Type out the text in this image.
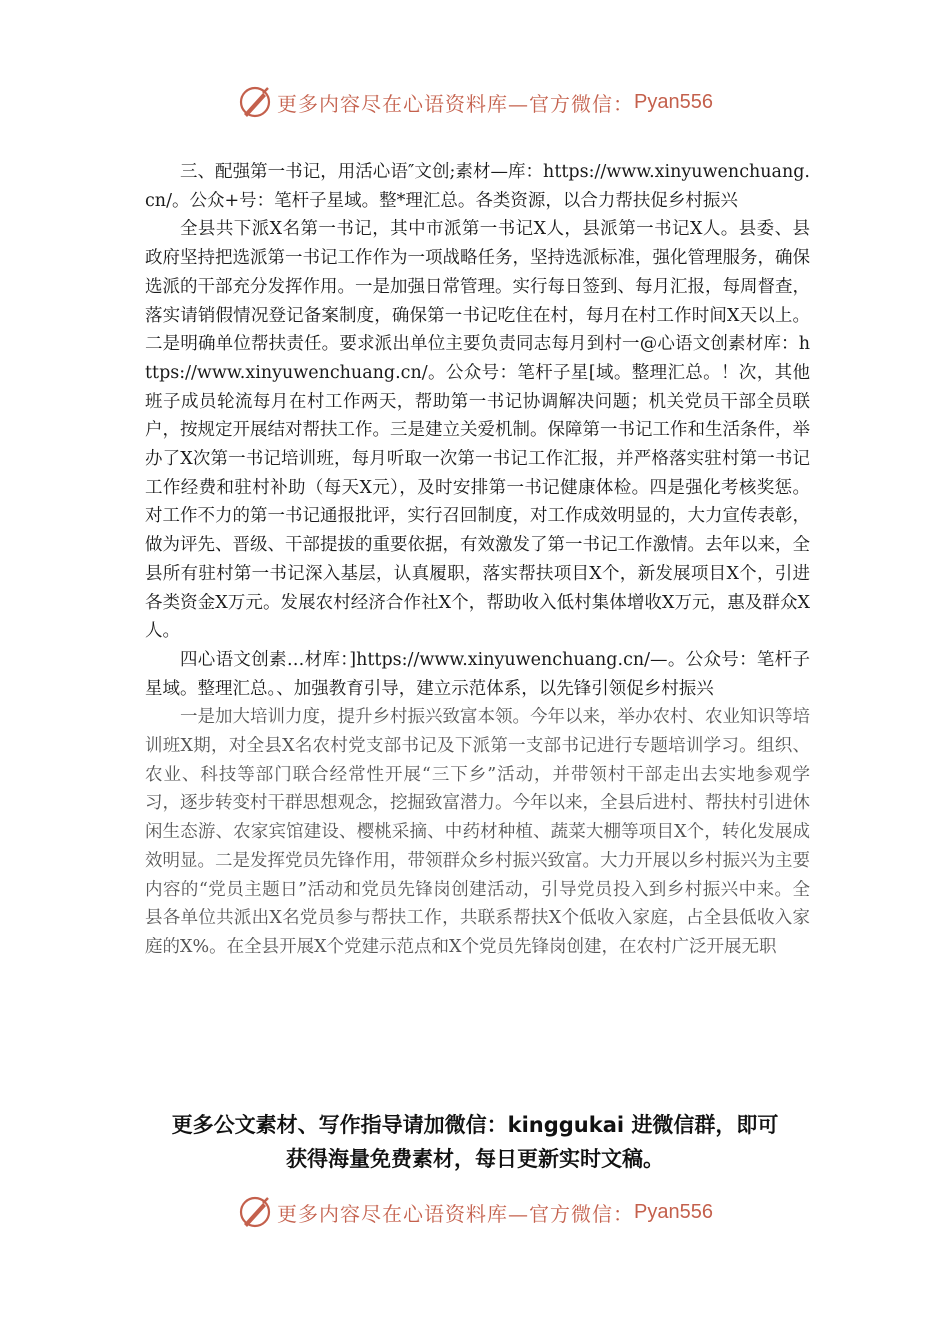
更多内容尽在心语资料库—官方微信： Pyan556

三、配强第一书记，用活心语″文创;素材—库：https://www.xinyuwenchuang.cn/。公众+号：笔杆子星域。整*理汇总。各类资源，以合力帮扶促乡村振兴

全县共下派X名第一书记，其中市派第一书记X人，县派第一书记X人。县委、县政府坚持把选派第一书记工作作为一项战略任务，坚持选派标准，强化管理服务，确保选派的干部充分发挥作用。一是加强日常管理。实行每日签到、每月汇报，每周督查，落实请销假情况登记备案制度，确保第一书记吃住在村，每月在村工作时间X天以上。二是明确单位帮扶责任。要求派出单位主要负责同志每月到村一@心语文创素材库：https://www.xinyuwenchuang.cn/。公众号：笔杆子星[域。整理汇总。！次，其他班子成员轮流每月在村工作两天，帮助第一书记协调解决问题；机关党员干部全员联户，按规定开展结对帮扶工作。三是建立关爱机制。保障第一书记工作和生活条件，举办了X次第一书记培训班，每月听取一次第一书记工作汇报，并严格落实驻村第一书记工作经费和驻村补助（每天X元），及时安排第一书记健康体检。四是强化考核奖惩。对工作不力的第一书记通报批评，实行召回制度，对工作成效明显的，大力宣传表彰，做为评先、晋级、干部提拔的重要依据，有效激发了第一书记工作激情。去年以来，全县所有驻村第一书记深入基层，认真履职，落实帮扶项目X个，新发展项目X个，引进各类资金X万元。发展农村经济合作社X个，帮助收入低村集体增收X万元，惠及群众X人。

四心语文创素…材库：]https://www.xinyuwenchuang.cn/—。公众号：笔杆子星域。整理汇总。、加强教育引导，建立示范体系，以先锋引领促乡村振兴

一是加大培训力度，提升乡村振兴致富本领。今年以来，举办农村、农业知识等培训班X期，对全县X名农村党支部书记及下派第一支部书记进行专题培训学习。组织、农业、科技等部门联合经常性开展“三下乡”活动，并带领村干部走出去实地参观学习，逐步转变村干群思想观念，挖掘致富潜力。今年以来，全县后进村、帮扶村引进休闲生态游、农家宾馆建设、樱桃采摘、中药材种植、蔬菜大棚等项目X个，转化发展成效明显。二是发挥党员先锋作用，带领群众乡村振兴致富。大力开展以乡村振兴为主要内容的“党员主题日”活动和党员先锋岗创建活动，引导党员投入到乡村振兴中来。全县各单位共派出X名党员参与帮扶工作，共联系帮扶X个低收入家庭，占全县低收入家庭的X%。在全县开展X个党建示范点和X个党员先锋岗创建，在农村广泛开展无职

更多公文素材、写作指导请加微信：kinggukai 进微信群，即可
获得海量免费素材，每日更新实时文稿。
更多内容尽在心语资料库—官方微信： Pyan556
